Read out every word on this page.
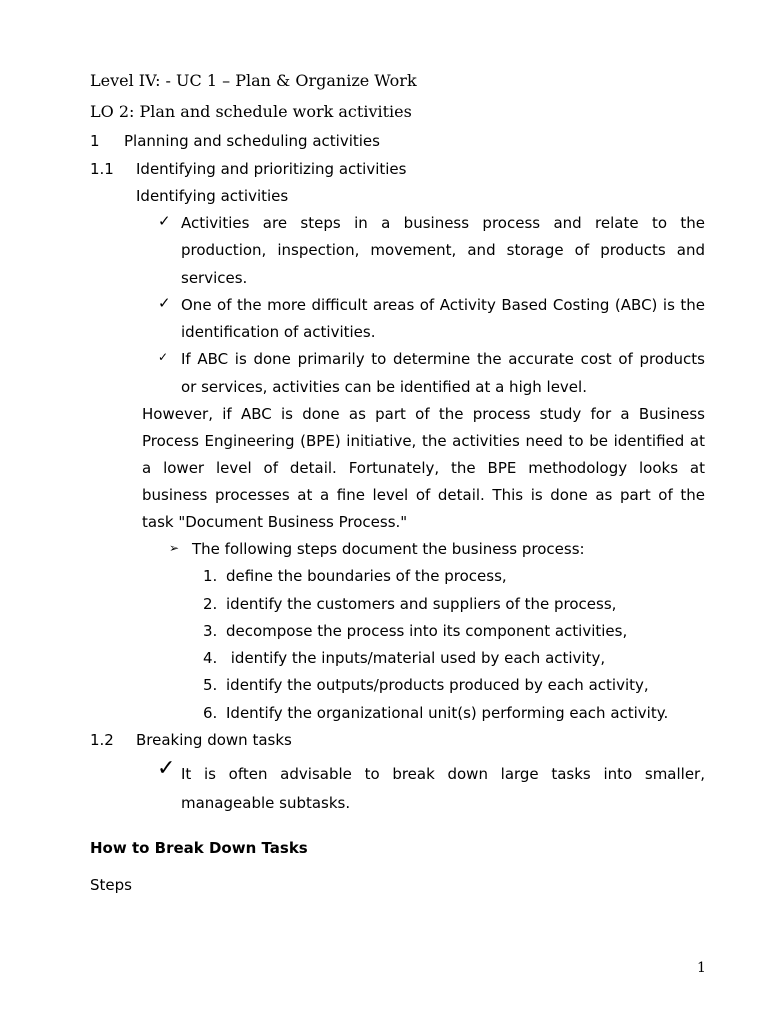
Level IV: - UC 1 – Plan & Organize Work
LO 2: Plan and schedule work activities
1 Planning and scheduling activities
1.1 Identifying and prioritizing activities
Identifying activities
✓ Activities are steps in a business process and relate to the
production, inspection, movement, and storage of products and
services.
✓ One of the more difficult areas of Activity Based Costing (ABC) is the
identification of activities.
✓ If ABC is done primarily to determine the accurate cost of products
or services, activities can be identified at a high level.
However, if ABC is done as part of the process study for a Business
Process Engineering (BPE) initiative, the activities need to be identified at
a lower level of detail. Fortunately, the BPE methodology looks at
business processes at a fine level of detail. This is done as part of the
task "Document Business Process."
➢ The following steps document the business process:
1. define the boundaries of the process,
2. identify the customers and suppliers of the process,
3. decompose the process into its component activities,
4. identify the inputs/material used by each activity,
5. identify the outputs/products produced by each activity,
6. Identify the organizational unit(s) performing each activity.
1.2 Breaking down tasks
✓ It is often advisable to break down large tasks into smaller,
manageable subtasks.
How to Break Down Tasks
Steps
1
